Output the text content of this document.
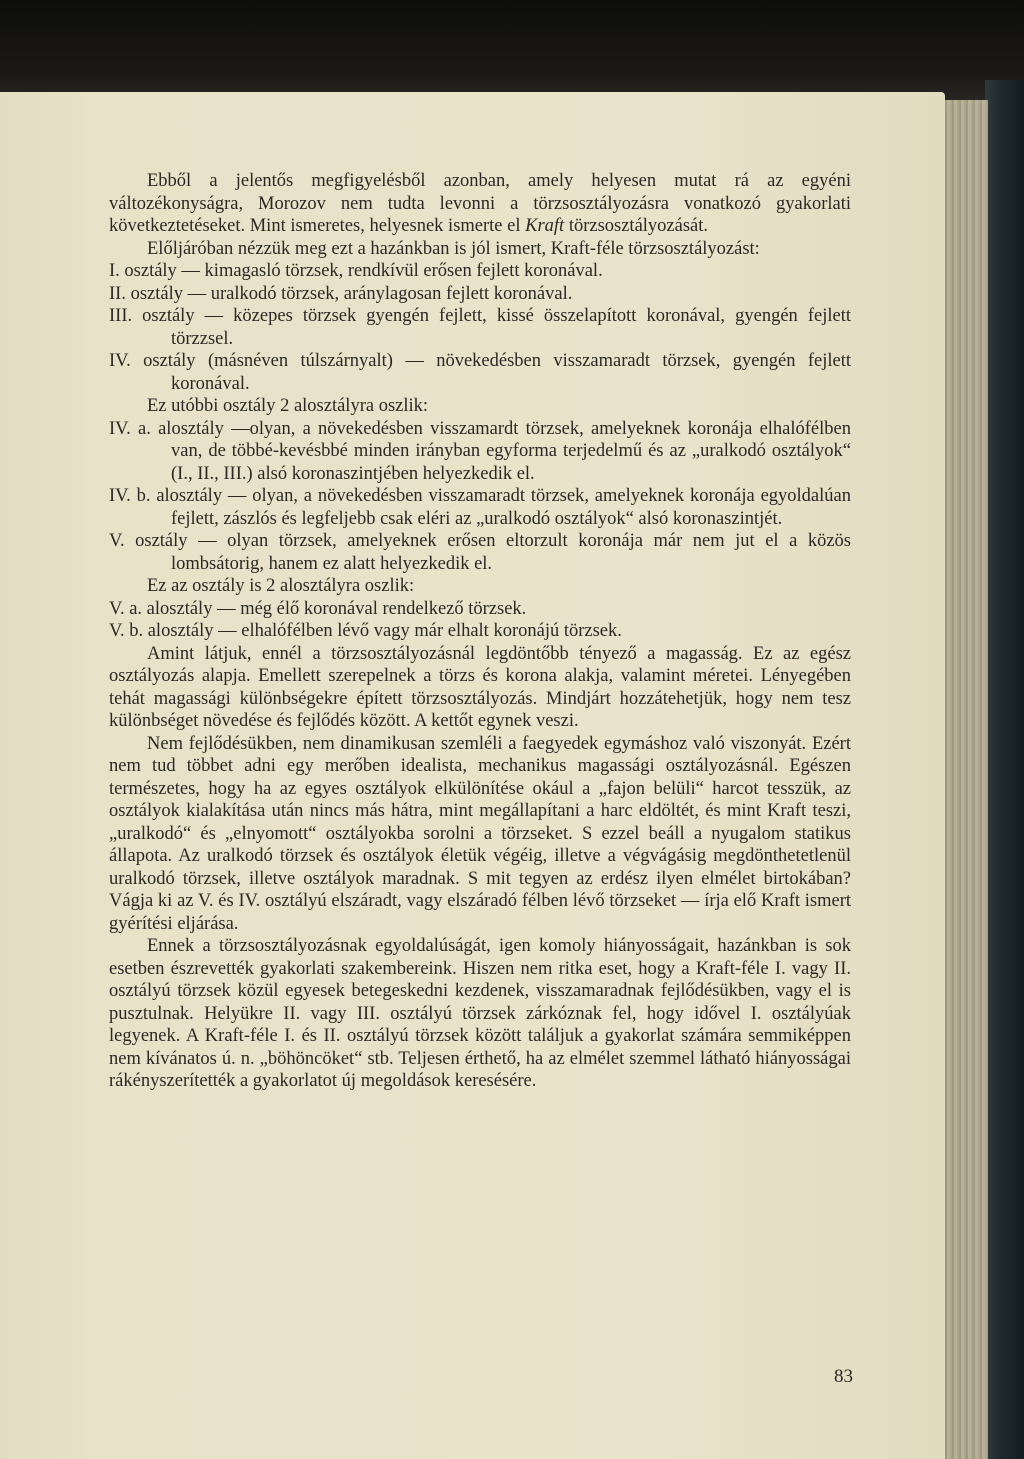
Ebből a jelentős megfigyelésből azonban, amely helyesen mutat rá az egyéni változékonyságra, Morozov nem tudta levonni a törzsosztályozásra vonatkozó gyakorlati következtetéseket. Mint ismeretes, helyesnek ismerte el Kraft törzsosztályozását.

Előljáróban nézzük meg ezt a hazánkban is jól ismert, Kraft-féle törzsosztályozást:

I. osztály — kimagasló törzsek, rendkívül erősen fejlett koronával.

II. osztály — uralkodó törzsek, aránylagosan fejlett koronával.

III. osztály — közepes törzsek gyengén fejlett, kissé összelapított koronával, gyengén fejlett törzzsel.

IV. osztály (másnéven túlszárnyalt) — növekedésben visszamaradt törzsek, gyengén fejlett koronával.

Ez utóbbi osztály 2 alosztályra oszlik:

IV. a. alosztály —olyan, a növekedésben visszamardt törzsek, amelyeknek koronája elhalófélben van, de többé-kevésbbé minden irányban egyforma terjedelmű és az „uralkodó osztályok“ (I., II., III.) alsó koronaszintjében helyezkedik el.

IV. b. alosztály — olyan, a növekedésben visszamaradt törzsek, amelyeknek koronája egyoldalúan fejlett, zászlós és legfeljebb csak eléri az „uralkodó osztályok“ alsó koronaszintjét.

V. osztály — olyan törzsek, amelyeknek erősen eltorzult koronája már nem jut el a közös lombsátorig, hanem ez alatt helyezkedik el.

Ez az osztály is 2 alosztályra oszlik:

V. a. alosztály — még élő koronával rendelkező törzsek.

V. b. alosztály — elhalófélben lévő vagy már elhalt koronájú törzsek.

Amint látjuk, ennél a törzsosztályozásnál legdöntőbb tényező a magasság. Ez az egész osztályozás alapja. Emellett szerepelnek a törzs és korona alakja, valamint méretei. Lényegében tehát magassági különbségekre épített törzsosztályozás. Mindjárt hozzátehetjük, hogy nem tesz különbséget növedése és fejlődés között. A kettőt egynek veszi.

Nem fejlődésükben, nem dinamikusan szemléli a faegyedek egymáshoz való viszonyát. Ezért nem tud többet adni egy merőben idealista, mechanikus magassági osztályozásnál. Egészen természetes, hogy ha az egyes osztályok elkülönítése okául a „fajon belüli“ harcot tesszük, az osztályok kialakítása után nincs más hátra, mint megállapítani a harc eldöltét, és mint Kraft teszi, „uralkodó“ és „elnyomott“ osztályokba sorolni a törzseket. S ezzel beáll a nyugalom statikus állapota. Az uralkodó törzsek és osztályok életük végéig, illetve a végvágásig megdönthetetlenül uralkodó törzsek, illetve osztályok maradnak. S mit tegyen az erdész ilyen elmélet birtokában? Vágja ki az V. és IV. osztályú elszáradt, vagy elszáradó félben lévő törzseket — írja elő Kraft ismert gyérítési eljárása.

Ennek a törzsosztályozásnak egyoldalúságát, igen komoly hiányosságait, hazánkban is sok esetben észrevették gyakorlati szakembereink. Hiszen nem ritka eset, hogy a Kraft-féle I. vagy II. osztályú törzsek közül egyesek betegeskedni kezdenek, visszamaradnak fejlődésükben, vagy el is pusztulnak. Helyükre II. vagy III. osztályú törzsek zárkóznak fel, hogy idővel I. osztályúak legyenek. A Kraft-féle I. és II. osztályú törzsek között találjuk a gyakorlat számára semmiképpen nem kívánatos ú. n. „böhöncöket“ stb. Teljesen érthető, ha az elmélet szemmel látható hiányosságai rákényszerítették a gyakorlatot új megoldások keresésére.

83
